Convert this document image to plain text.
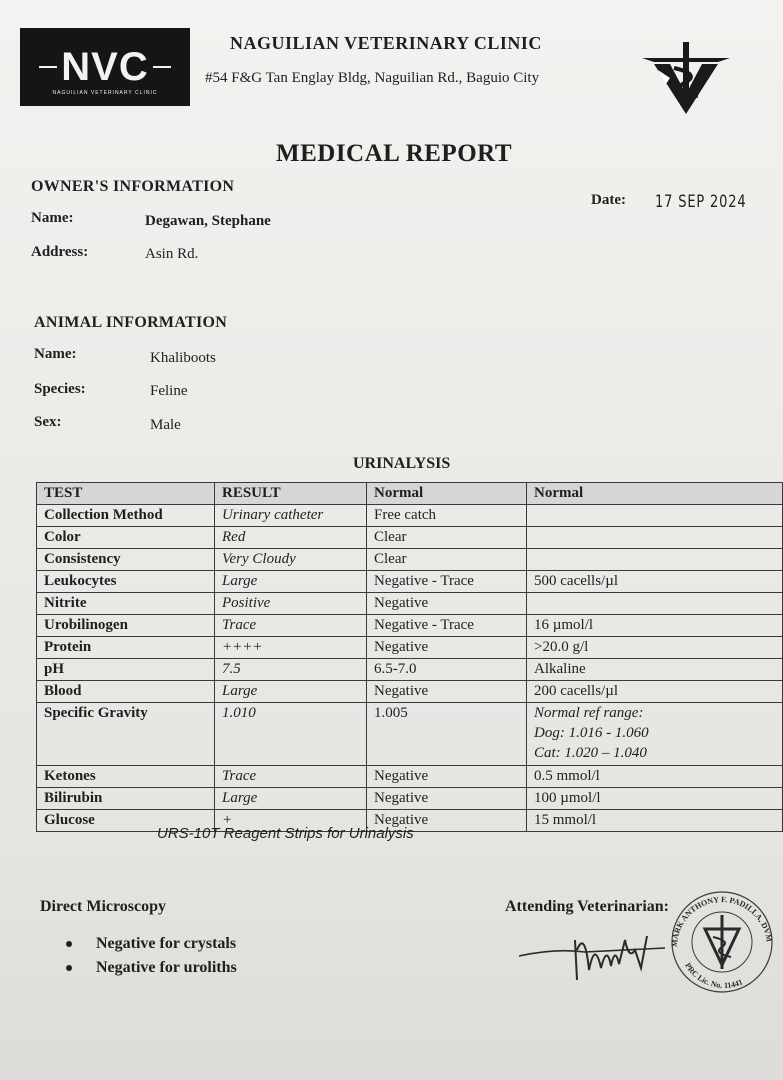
NVC
NAGUILIAN VETERINARY CLINIC
NAGUILIAN VETERINARY CLINIC
#54 F&G Tan Englay Bldg, Naguilian Rd., Baguio City
MEDICAL REPORT
OWNER'S INFORMATION
Name:	Degawan, Stephane
Address:	Asin Rd.
Date: 17 SEP 2024
ANIMAL INFORMATION
Name:	Khaliboots
Species:	Feline
Sex:	Male
URINALYSIS
TEST	RESULT	Normal	Normal
Collection Method	Urinary catheter	Free catch	
Color	Red	Clear	
Consistency	Very Cloudy	Clear	
Leukocytes	Large	Negative - Trace	500 cacells/µl
Nitrite	Positive	Negative	
Urobilinogen	Trace	Negative - Trace	16 µmol/l
Protein	++++	Negative	>20.0 g/l
pH	7.5	6.5-7.0	Alkaline
Blood	Large	Negative	200 cacells/µl
Specific Gravity	1.010	1.005	Normal ref range:
Dog: 1.016 - 1.060
Cat: 1.020 – 1.040

Ketones	Trace	Negative	0.5 mmol/l
Bilirubin	Large	Negative	100 µmol/l
Glucose	+	Negative	15 mmol/l
URS-10T Reagent Strips for Urinalysis
Direct Microscopy
Negative for crystals
Negative for uroliths
Attending Veterinarian:
MARK ANTHONY F. PADILLA, DVM
PRC Lic. No. 11441
